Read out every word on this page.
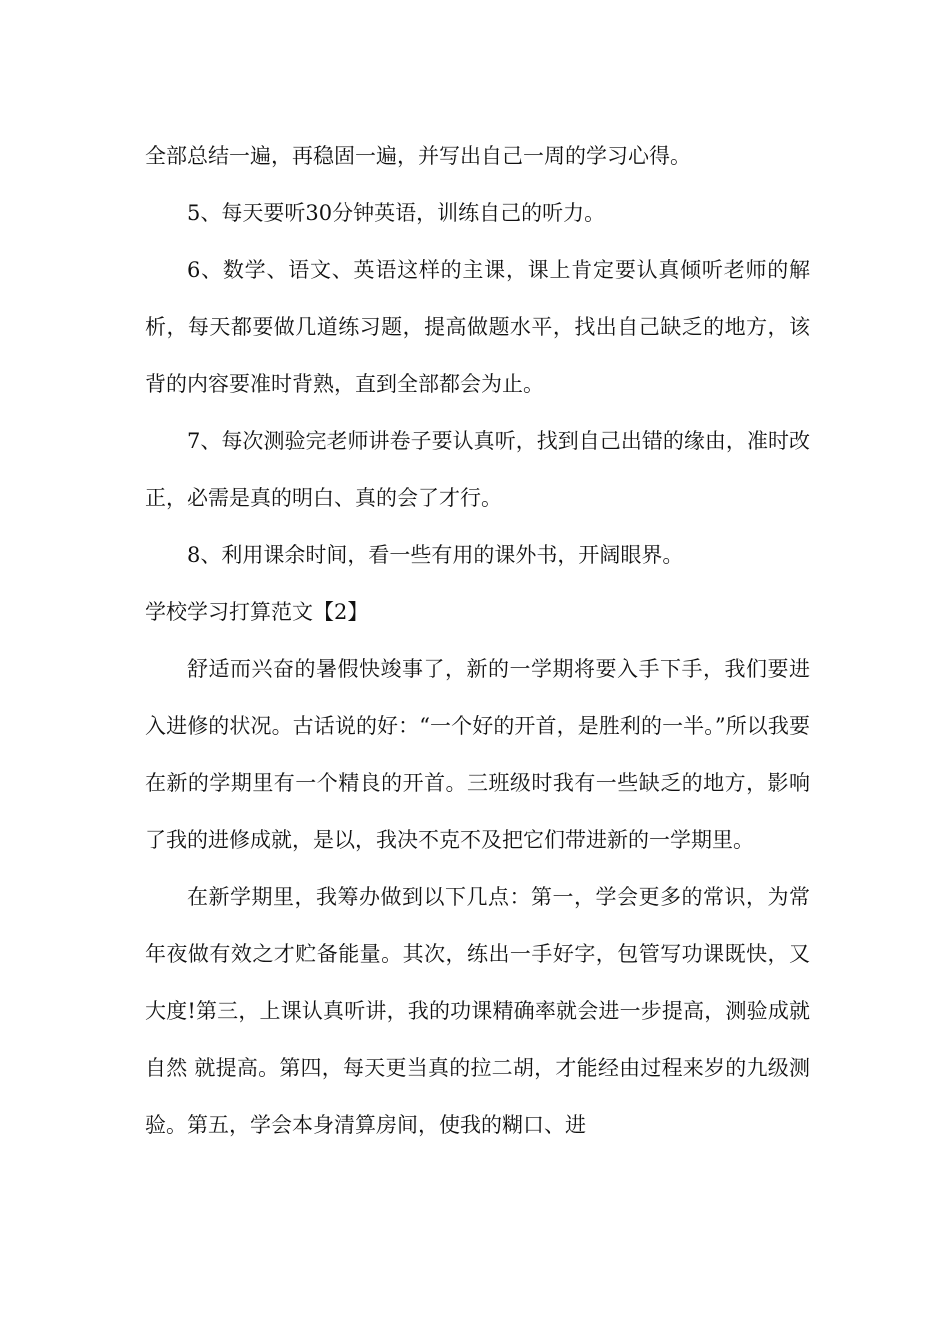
全部总结一遍，再稳固一遍，并写出自己一周的学习心得。

5、每天要听30分钟英语，训练自己的听力。

6、数学、语文、英语这样的主课，课上肯定要认真倾听老师的解析，每天都要做几道练习题，提高做题水平，找出自己缺乏的地方，该背的内容要准时背熟，直到全部都会为止。

7、每次测验完老师讲卷子要认真听，找到自己出错的缘由，准时改正，必需是真的明白、真的会了才行。

8、利用课余时间，看一些有用的课外书，开阔眼界。

学校学习打算范文【2】

舒适而兴奋的暑假快竣事了，新的一学期将要入手下手，我们要进入进修的状况。古话说的好：“一个好的开首，是胜利的一半。”所以我要在新的学期里有一个精良的开首。三班级时我有一些缺乏的地方，影响了我的进修成就，是以，我决不克不及把它们带进新的一学期里。

在新学期里，我筹办做到以下几点：第一，学会更多的常识，为常年夜做有效之才贮备能量。其次，练出一手好字，包管写功课既快，又大度!第三，上课认真听讲，我的功课精确率就会进一步提高，测验成就自然 就提高。第四，每天更当真的拉二胡，才能经由过程来岁的九级测验。第五，学会本身清算房间，使我的糊口、进
